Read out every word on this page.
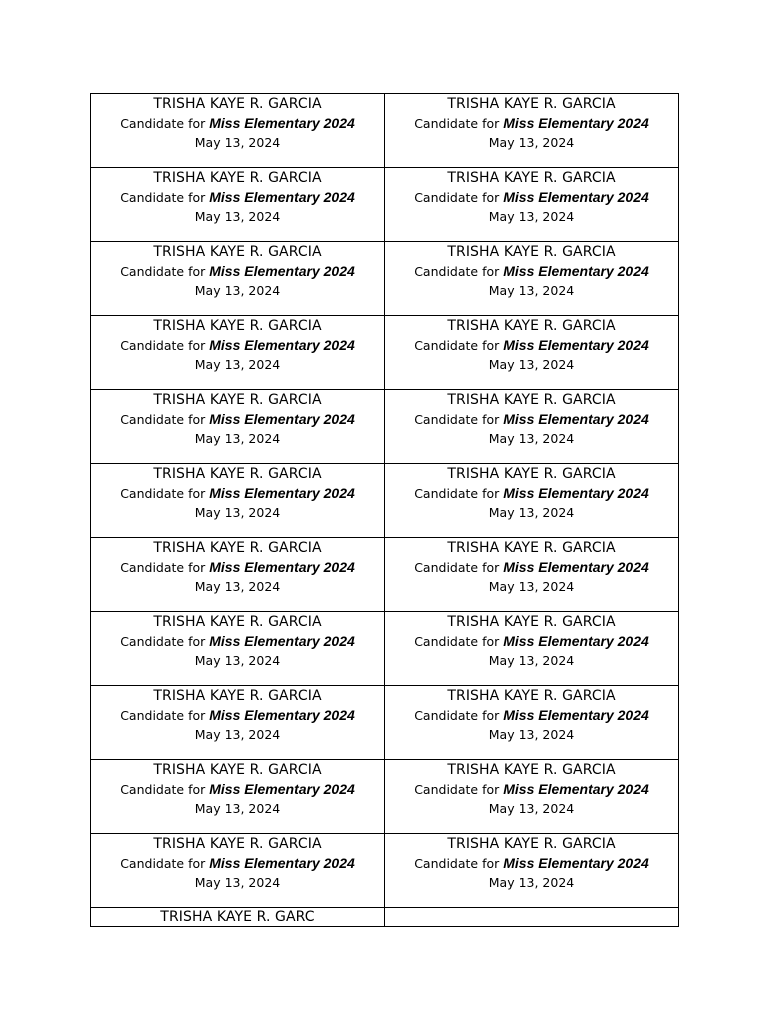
TRISHA KAYE R. GARCIA
Candidate for Miss Elementary 2024
May 13, 2024	TRISHA KAYE R. GARCIA
Candidate for Miss Elementary 2024
May 13, 2024

TRISHA KAYE R. GARCIA
Candidate for Miss Elementary 2024
May 13, 2024	TRISHA KAYE R. GARCIA
Candidate for Miss Elementary 2024
May 13, 2024

TRISHA KAYE R. GARCIA
Candidate for Miss Elementary 2024
May 13, 2024	TRISHA KAYE R. GARCIA
Candidate for Miss Elementary 2024
May 13, 2024

TRISHA KAYE R. GARCIA
Candidate for Miss Elementary 2024
May 13, 2024	TRISHA KAYE R. GARCIA
Candidate for Miss Elementary 2024
May 13, 2024

TRISHA KAYE R. GARCIA
Candidate for Miss Elementary 2024
May 13, 2024	TRISHA KAYE R. GARCIA
Candidate for Miss Elementary 2024
May 13, 2024

TRISHA KAYE R. GARCIA
Candidate for Miss Elementary 2024
May 13, 2024	TRISHA KAYE R. GARCIA
Candidate for Miss Elementary 2024
May 13, 2024

TRISHA KAYE R. GARCIA
Candidate for Miss Elementary 2024
May 13, 2024	TRISHA KAYE R. GARCIA
Candidate for Miss Elementary 2024
May 13, 2024

TRISHA KAYE R. GARCIA
Candidate for Miss Elementary 2024
May 13, 2024	TRISHA KAYE R. GARCIA
Candidate for Miss Elementary 2024
May 13, 2024

TRISHA KAYE R. GARCIA
Candidate for Miss Elementary 2024
May 13, 2024	TRISHA KAYE R. GARCIA
Candidate for Miss Elementary 2024
May 13, 2024

TRISHA KAYE R. GARCIA
Candidate for Miss Elementary 2024
May 13, 2024	TRISHA KAYE R. GARCIA
Candidate for Miss Elementary 2024
May 13, 2024

TRISHA KAYE R. GARCIA
Candidate for Miss Elementary 2024
May 13, 2024	TRISHA KAYE R. GARCIA
Candidate for Miss Elementary 2024
May 13, 2024

TRISHA KAYE R. GARC	
